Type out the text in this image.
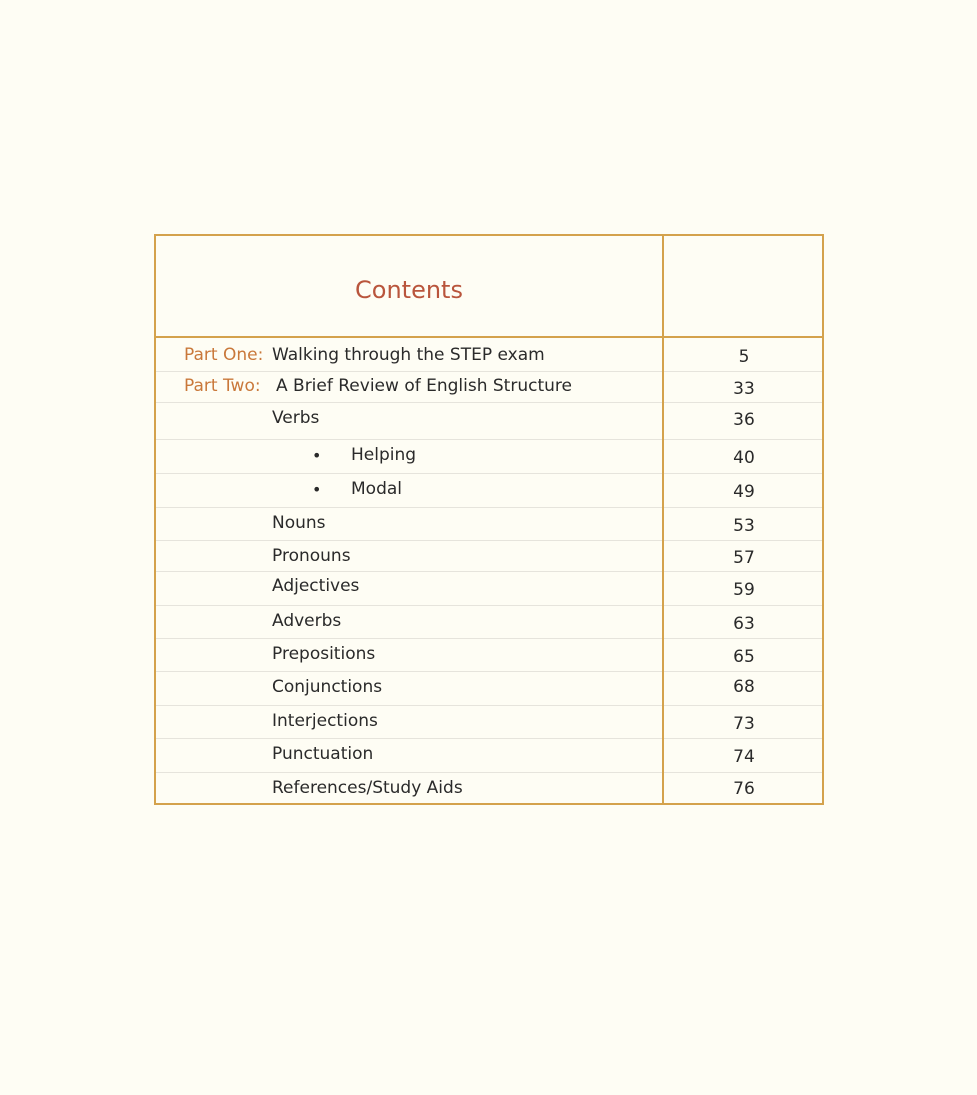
Contents
Part One: Walking through the STEP exam	5
Part Two: A Brief Review of English Structure	33
Verbs	36
• Helping	40
• Modal	49
Nouns	53
Pronouns	57
Adjectives	59
Adverbs	63
Prepositions	65
Conjunctions	68
Interjections	73
Punctuation	74
References/Study Aids	76
